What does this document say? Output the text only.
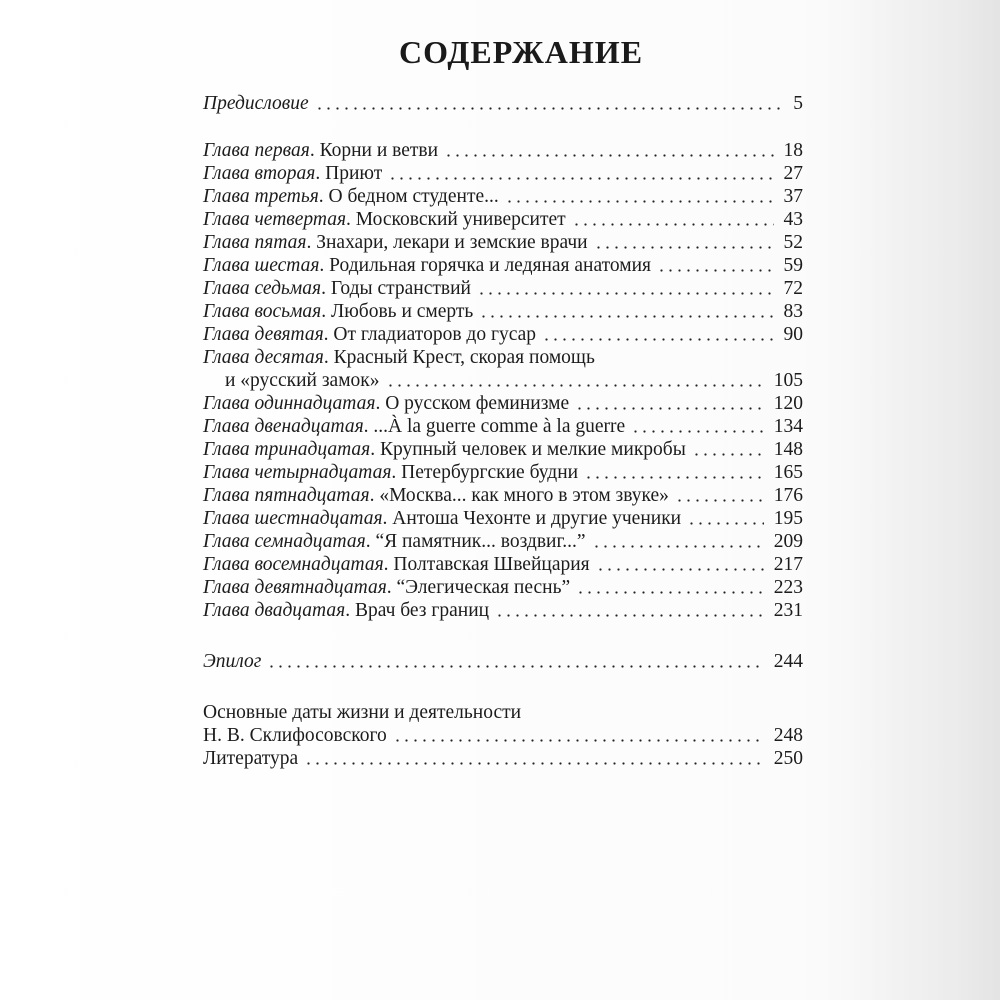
СОДЕРЖАНИЕ
Предисловие	5
Глава первая. Корни и ветви	18
Глава вторая. Приют	27
Глава третья. О бедном студенте...	37
Глава четвертая. Московский университет	43
Глава пятая. Знахари, лекари и земские врачи	52
Глава шестая. Родильная горячка и ледяная анатомия	59
Глава седьмая. Годы странствий	72
Глава восьмая. Любовь и смерть	83
Глава девятая. От гладиаторов до гусар	90
Глава десятая. Красный Крест, скорая помощь
и «русский замок»	105
Глава одиннадцатая. О русском феминизме	120
Глава двенадцатая. ...À la guerre comme à la guerre	134
Глава тринадцатая. Крупный человек и мелкие микробы	148
Глава четырнадцатая. Петербургские будни	165
Глава пятнадцатая. «Москва... как много в этом звуке»	176
Глава шестнадцатая. Антоша Чехонте и другие ученики	195
Глава семнадцатая. “Я памятник... воздвиг...”	209
Глава восемнадцатая. Полтавская Швейцария	217
Глава девятнадцатая. “Элегическая песнь”	223
Глава двадцатая. Врач без границ	231
Эпилог	244
Основные даты жизни и деятельности
Н. В. Склифосовского	248
Литература	250
